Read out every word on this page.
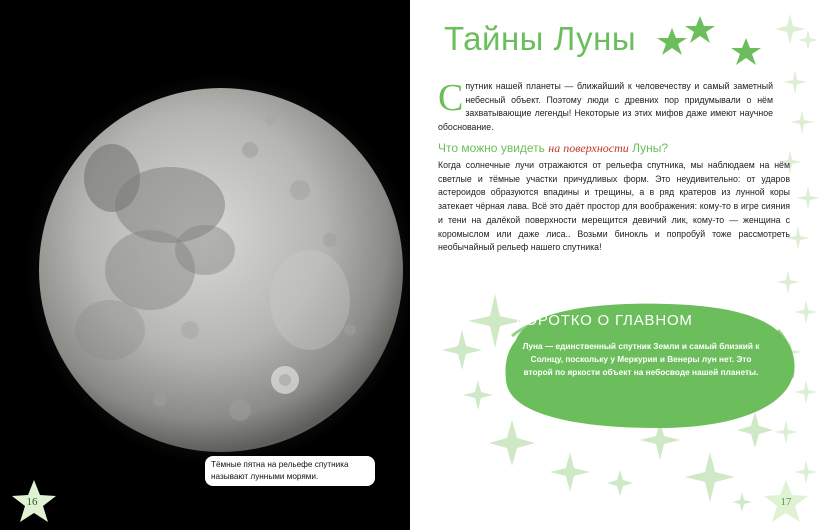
Тёмные пятна на рельефе спутника называют лунными морями.
16
Тайны Луны
С путник нашей планеты — ближайший к человечеству и самый заметный небесный объект. Поэтому люди с древних пор придумывали о нём захватывающие легенды! Некоторые из этих мифов даже имеют научное обоснование.
Что можно увидеть на поверхности Луны?
Когда солнечные лучи отражаются от рельефа спутника, мы наблюдаем на нём светлые и тёмные участки причудливых форм. Это неудивительно: от ударов астероидов образуются впадины и трещины, а в ряд кратеров из лунной коры затекает чёрная лава. Всё это даёт простор для воображения: кому-то в игре сияния и тени на далёкой поверхности мерещится девичий лик, кому-то — женщина с коромыслом или даже лиса.. Возьми бинокль и попробуй тоже рассмотреть необычайный рельеф нашего спутника!
КОРОТКО О ГЛАВНОМ
Луна — единственный спутник Земли и самый близкий к Солнцу, поскольку у Меркурия и Венеры лун нет. Это второй по яркости объект на небосводе нашей планеты.
17
